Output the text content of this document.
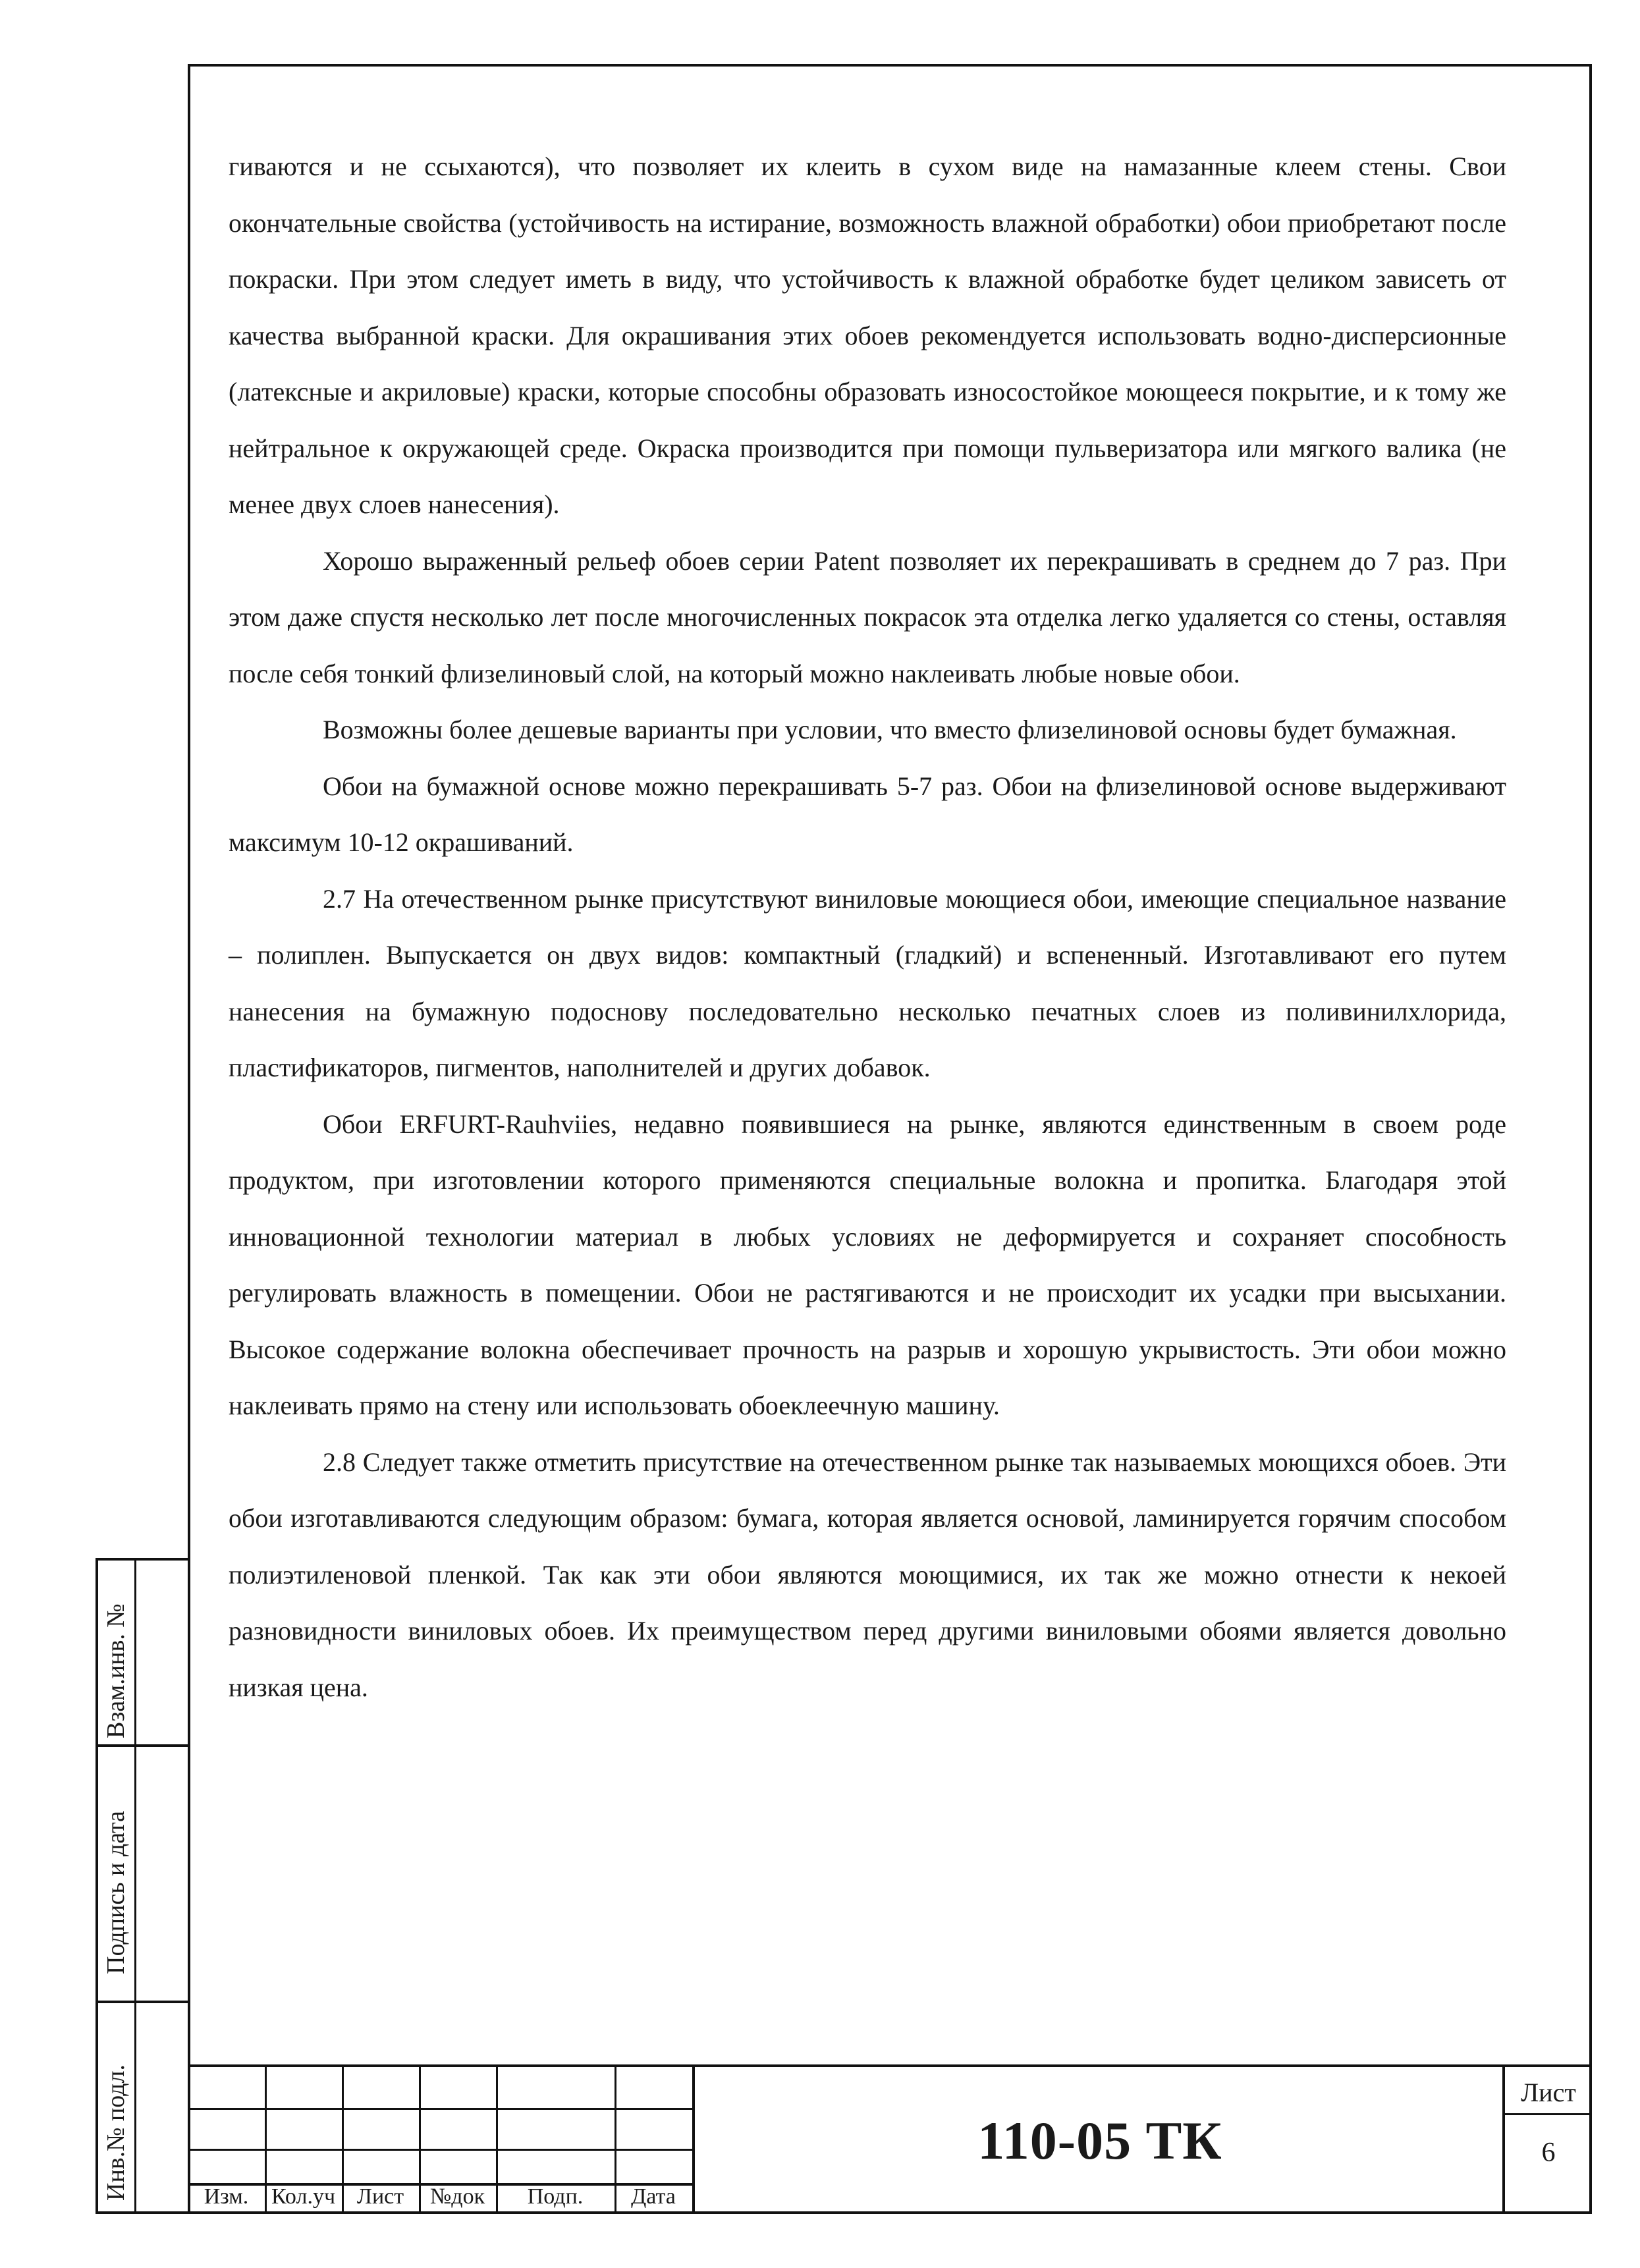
гиваются и не ссыхаются), что позволяет их клеить в сухом виде на намазанные клеем стены. Свои окончательные свойства (устойчивость на истирание, возможность влажной обработки) обои приобретают после покраски. При этом следует иметь в виду, что устойчивость к влажной обработке будет целиком зависеть от качества выбранной краски. Для окрашивания этих обоев рекомендуется использовать водно-дисперсионные (латексные и акриловые) краски, которые способны образовать износостойкое моющееся покрытие, и к тому же нейтральное к окружающей среде. Окраска производится при помощи пульверизатора или мягкого валика (не менее двух слоев нанесения).

Хорошо выраженный рельеф обоев серии Patent позволяет их перекрашивать в среднем до 7 раз. При этом даже спустя несколько лет после многочисленных покрасок эта отделка легко удаляется со стены, оставляя после себя тонкий флизелиновый слой, на который можно наклеивать любые новые обои.

Возможны более дешевые варианты при условии, что вместо флизелиновой основы будет бумажная.

Обои на бумажной основе можно перекрашивать 5-7 раз. Обои на флизелиновой основе выдерживают максимум 10-12 окрашиваний.

2.7 На отечественном рынке присутствуют виниловые моющиеся обои, имеющие специальное название – полиплен. Выпускается он двух видов: компактный (гладкий) и вспененный. Изготавливают его путем нанесения на бумажную подоснову последовательно несколько печатных слоев из поливинилхлорида, пластификаторов, пигментов, наполнителей и других добавок.

Обои ERFURT-Rauhviies, недавно появившиеся на рынке, являются единственным в своем роде продуктом, при изготовлении которого применяются специальные волокна и пропитка. Благодаря этой инновационной технологии материал в любых условиях не деформируется и сохраняет способность регулировать влажность в помещении. Обои не растягиваются и не происходит их усадки при высыхании. Высокое содержание волокна обеспечивает прочность на разрыв и хорошую укрывистость. Эти обои можно наклеивать прямо на стену или использовать обоеклеечную машину.

2.8 Следует также отметить присутствие на отечественном рынке так называемых моющихся обоев. Эти обои изготавливаются следующим образом: бумага, которая является основой, ламинируется горячим способом полиэтиленовой пленкой. Так как эти обои являются моющимися, их так же можно отнести к некоей разновидности виниловых обоев. Их преимуществом перед другими виниловыми обоями является довольно низкая цена.

Взам.инв. №
Подпись и дата
Инв.№ подл.	Изм.	Кол.уч Лист	№док	Подп.	Дата
110-05 ТК
Лист
6
